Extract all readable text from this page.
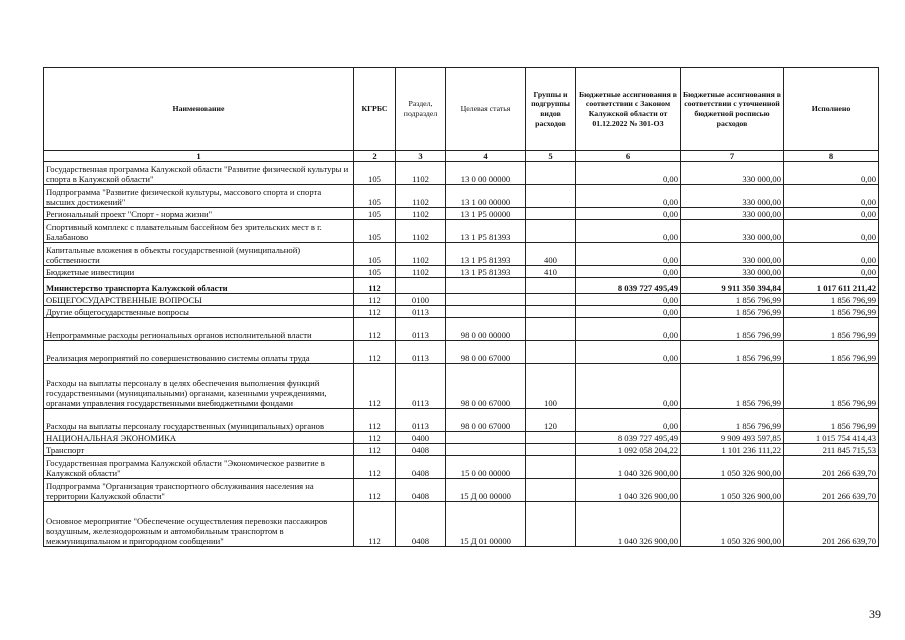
Наименование	КГРБС	Раздел, подраздел	Целевая статья	Группы и подгруппы видов расходов	Бюджетные ассигнования в соответствии с Законом Калужской области от 01.12.2022 № 301-ОЗ	Бюджетные ассигнования в соответствии с уточненной бюджетной росписью расходов	Исполнено
1	2	3	4	5	6	7	8
Государственная программа Калужской области "Развитие физической культуры и спорта в Калужской области"	105	1102	13 0 00 00000		0,00	330 000,00	0,00
Подпрограмма "Развитие физической культуры, массового спорта и спорта высших достижений"	105	1102	13 1 00 00000		0,00	330 000,00	0,00
Региональный проект "Спорт - норма жизни"	105	1102	13 1 P5 00000		0,00	330 000,00	0,00
Спортивный комплекс с плавательным бассейном без зрительских мест в г. Балабаново	105	1102	13 1 P5 81393		0,00	330 000,00	0,00
Капитальные вложения в объекты государственной (муниципальной) собственности	105	1102	13 1 P5 81393	400	0,00	330 000,00	0,00
Бюджетные инвестиции	105	1102	13 1 P5 81393	410	0,00	330 000,00	0,00
Министерство транспорта Калужской области	112				8 039 727 495,49	9 911 350 394,84	1 017 611 211,42
ОБЩЕГОСУДАРСТВЕННЫЕ ВОПРОСЫ	112	0100			0,00	1 856 796,99	1 856 796,99
Другие общегосударственные вопросы	112	0113			0,00	1 856 796,99	1 856 796,99
Непрограммные расходы региональных органов исполнительной власти	112	0113	98 0 00 00000		0,00	1 856 796,99	1 856 796,99
Реализация мероприятий по совершенствованию системы оплаты труда	112	0113	98 0 00 67000		0,00	1 856 796,99	1 856 796,99
Расходы на выплаты персоналу в целях обеспечения выполнения функций государственными (муниципальными) органами, казенными учреждениями, органами управления государственными внебюджетными фондами	112	0113	98 0 00 67000	100	0,00	1 856 796,99	1 856 796,99
Расходы на выплаты персоналу государственных (муниципальных) органов	112	0113	98 0 00 67000	120	0,00	1 856 796,99	1 856 796,99
НАЦИОНАЛЬНАЯ ЭКОНОМИКА	112	0400			8 039 727 495,49	9 909 493 597,85	1 015 754 414,43
Транспорт	112	0408			1 092 058 204,22	1 101 236 111,22	211 845 715,53
Государственная программа Калужской области "Экономическое развитие в Калужской области"	112	0408	15 0 00 00000		1 040 326 900,00	1 050 326 900,00	201 266 639,70
Подпрограмма "Организация транспортного обслуживания населения на территории Калужской области"	112	0408	15 Д 00 00000		1 040 326 900,00	1 050 326 900,00	201 266 639,70
Основное мероприятие "Обеспечение осуществления перевозки пассажиров воздушным, железнодорожным и автомобильным транспортом в межмуниципальном и пригородном сообщении"	112	0408	15 Д 01 00000		1 040 326 900,00	1 050 326 900,00	201 266 639,70
39
